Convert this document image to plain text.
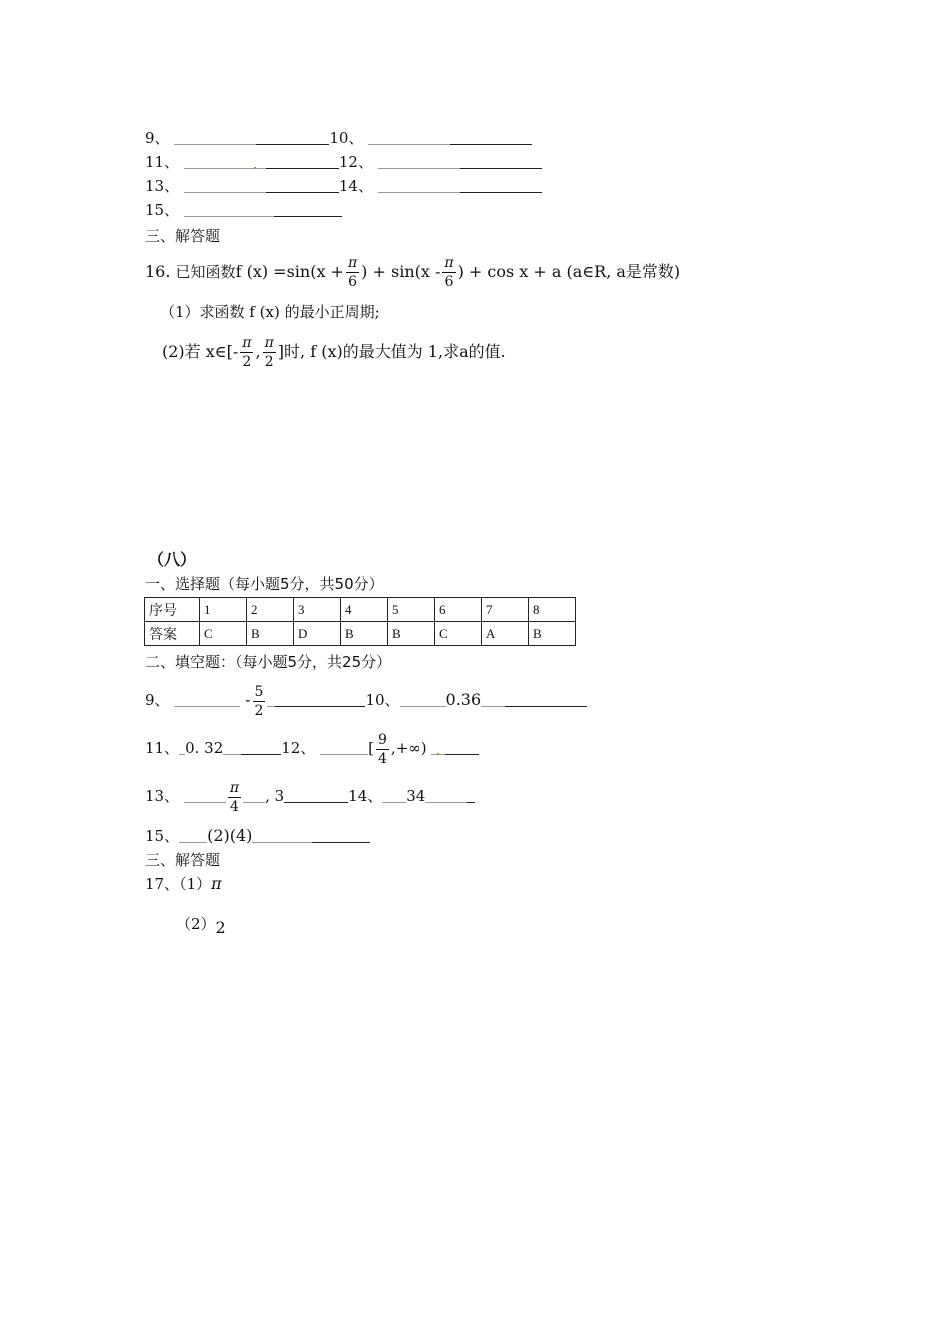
9、	10、
11、	12、
13、	14、
15、
三、解答题
16. 已知函数f $(x) =\sin(x + \frac{\pi}{6}$ ) + $\sin(x - \frac{\pi}{6}$ ) + cos x + a (a∈R, a是常数)
（1）求函数 f (x) 的最小正周期;
(2)若 x∈[- $\frac{\pi}{2}$ , $\frac{\pi}{2}$ ]时, f (x)的最大值为 1,求a的值.
（八）
一、选择题（每小题5分，共50分）
序号	1	2	3	4	5	6	7	8
答案	C	B	D	B	B	C	A	B
二、填空题：（每小题5分，共25分）
9、	- $\frac{5}{2}$	10、	0.36
11、 0. 32	12、	[ $\frac{9}{4}$ ,+∞)
13、	$\frac{\pi}{4}$ , 3	14、 34
15、 (2)(4)
三、解答题
17、（1）π
（2）2
